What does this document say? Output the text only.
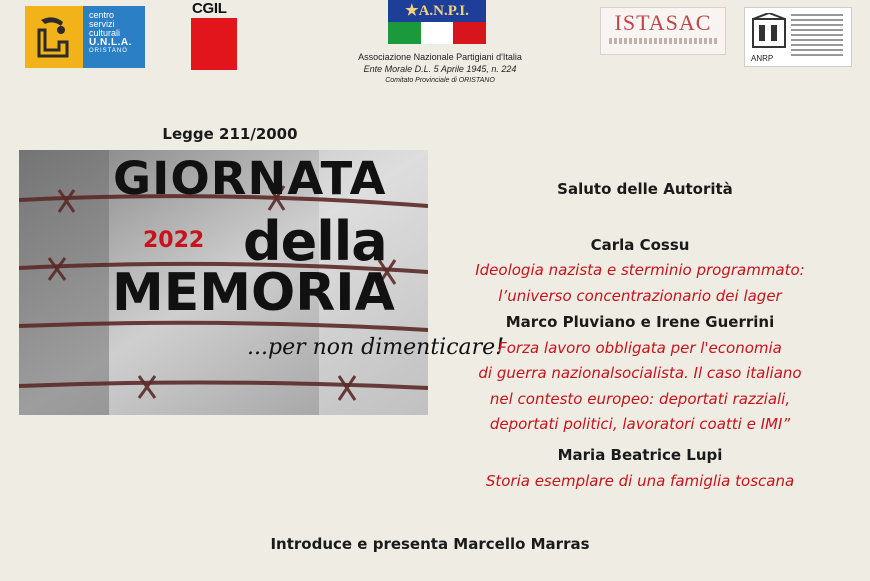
centro
servizi
culturali
U.N.L.A.
ORISTANO
CGIL	★A.N.P.I.
Associazione Nazionale Partigiani d'Italia
Ente Morale D.L. 5 Aprile 1945, n. 224
Comitato Provinciale di ORISTANO
ISTASAC
ANRP
Legge 211/2000
GIORNATA
2022 della
MEMORIA
...per non dimenticare!
Saluto delle Autorità
Carla Cossu
Ideologia nazista e sterminio programmato:
l’universo concentrazionario dei lager
Marco Pluviano e Irene Guerrini
Forza lavoro obbligata per l'economia
di guerra nazionalsocialista. Il caso italiano
nel contesto europeo: deportati razziali,
deportati politici, lavoratori coatti e IMI”
Maria Beatrice Lupi
Storia esemplare di una famiglia toscana
Introduce e presenta Marcello Marras
